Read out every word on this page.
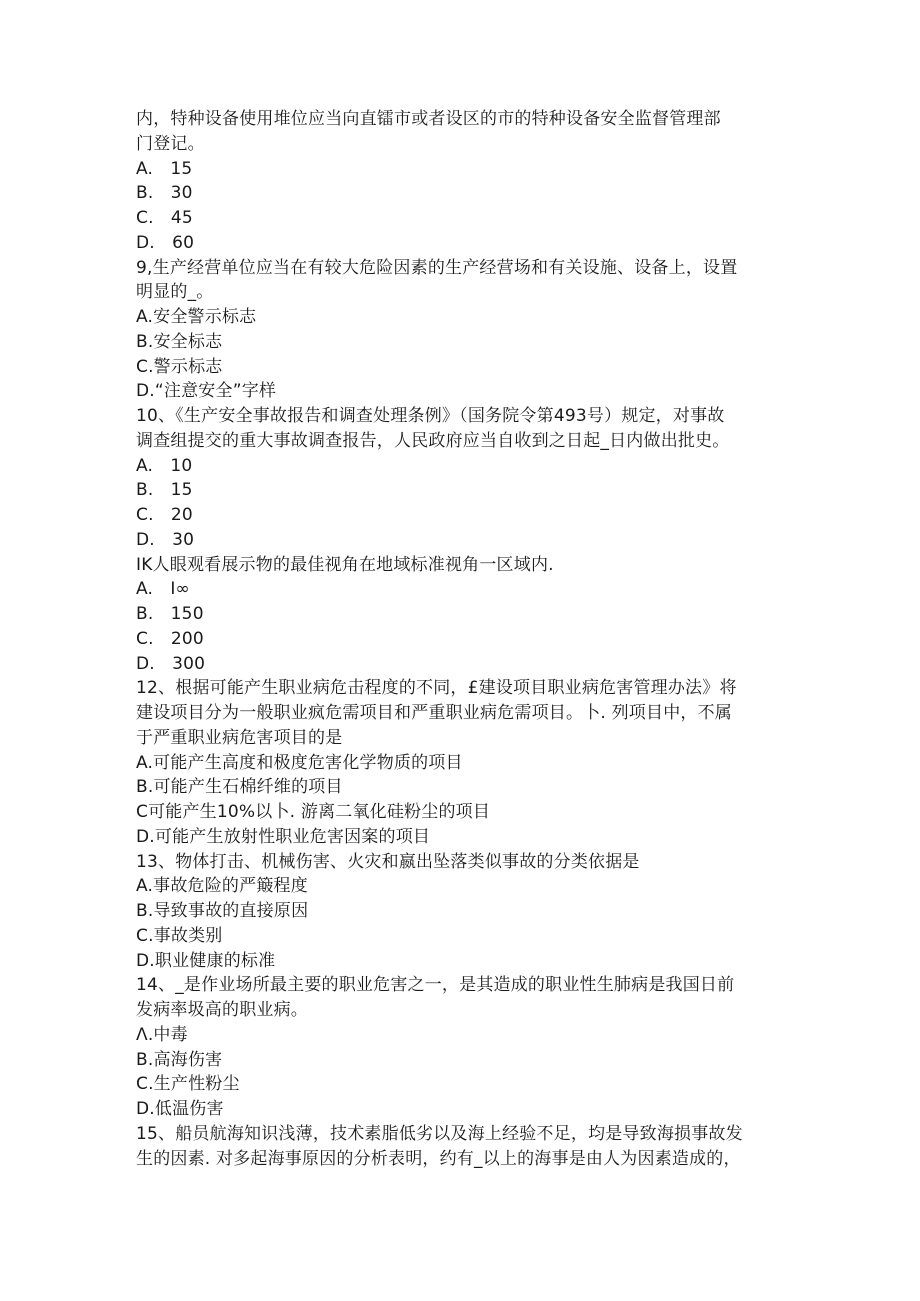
内，特种设备使用堆位应当向直镭市或者设区的市的特种设备安全监督管理部
门登记。
A.　15
B.　30
C.　45
D.　60
9,生产经营单位应当在有较大危险因素的生产经营场和有关设施、设备上，设置
明显的_。
A.安全警示标志
B.安全标志
C.警示标志
D.“注意安全”字样
10、《生产安全事故报告和调查处理条例》（国务院令第493号）规定，对事故
调查组提交的重大事故调查报告，人民政府应当自收到之日起_日内做出批史。
A.　10
B.　15
C.　20
D.　30
IK人眼观看展示物的最佳视角在地域标准视角一区域内.
A.　I∞
B.　150
C.　200
D.　300
12、根据可能产生职业病危击程度的不同，£建设项目职业病危害管理办法》将
建设项目分为一般职业疯危需项目和严重职业病危需项目。卜. 列项目中，不属
于严重职业病危害项目的是
A.可能产生高度和极度危害化学物质的项目
B.可能产生石棉纤维的项目
C可能产生10%以卜. 游离二氧化硅粉尘的项目
D.可能产生放射性职业危害因案的项目
13、物体打击、机械伤害、火灾和嬴出坠落类似事故的分类依据是
A.事故危险的严簸程度
B.导致事故的直接原因
C.事故类别
D.职业健康的标准
14、_是作业场所最主要的职业危害之一，是其造成的职业性生肺病是我国日前
发病率圾高的职业病。
Λ.中毒
B.高海伤害
C.生产性粉尘
D.低温伤害
15、船员航海知识浅薄，技术素脂低劣以及海上经验不足，均是导致海损事故发
生的因素. 对多起海事原因的分析表明，约有_以上的海事是由人为因素造成的，
